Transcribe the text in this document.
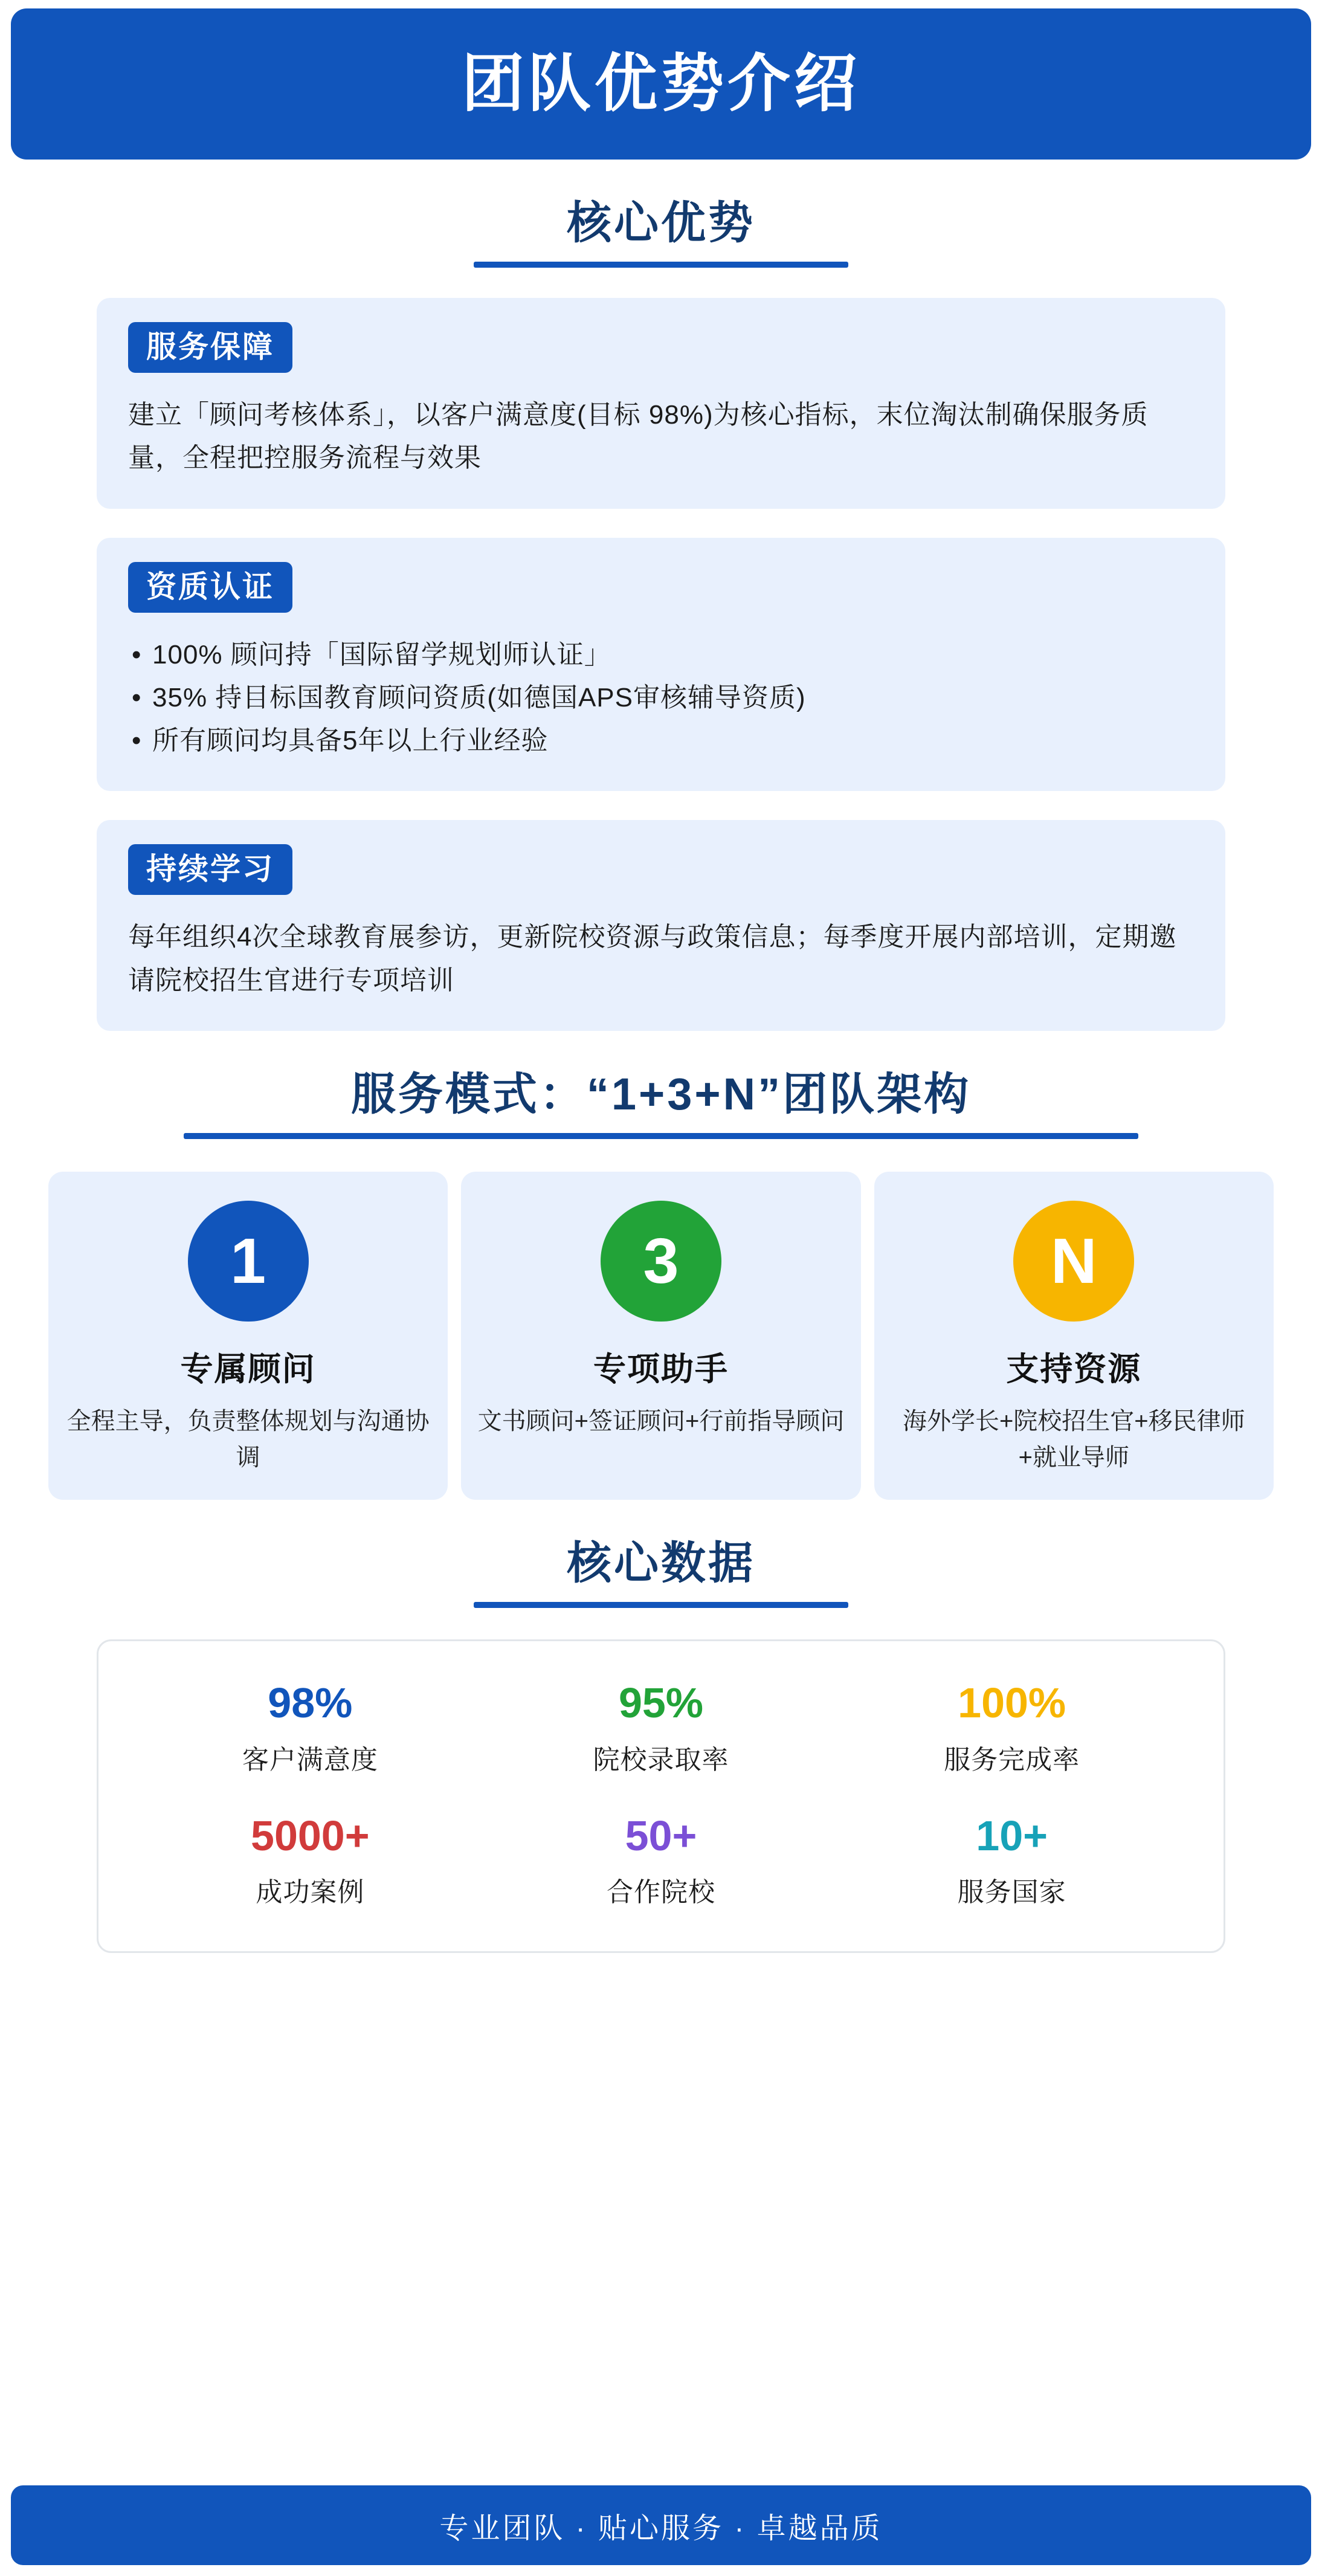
团队优势介绍
核心优势
服务保障

建立「顾问考核体系」，以客户满意度(目标 98%)为核心指标，末位淘汰制确保服务质量，全程把控服务流程与效果

资质认证
• 100% 顾问持「国际留学规划师认证」
• 35% 持目标国教育顾问资质(如德国APS审核辅导资质)
• 所有顾问均具备5年以上行业经验
持续学习

每年组织4次全球教育展参访，更新院校资源与政策信息；每季度开展内部培训，定期邀请院校招生官进行专项培训

服务模式：“1+3+N”团队架构
1
专属顾问
全程主导，负责整体规划与沟通协调
3
专项助手
文书顾问+签证顾问+行前指导顾问
N
支持资源
海外学长+院校招生官+移民律师+就业导师
核心数据
98%
客户满意度
95%
院校录取率
100%
服务完成率
5000+
成功案例
50+
合作院校
10+
服务国家
专业团队 · 贴心服务 · 卓越品质
